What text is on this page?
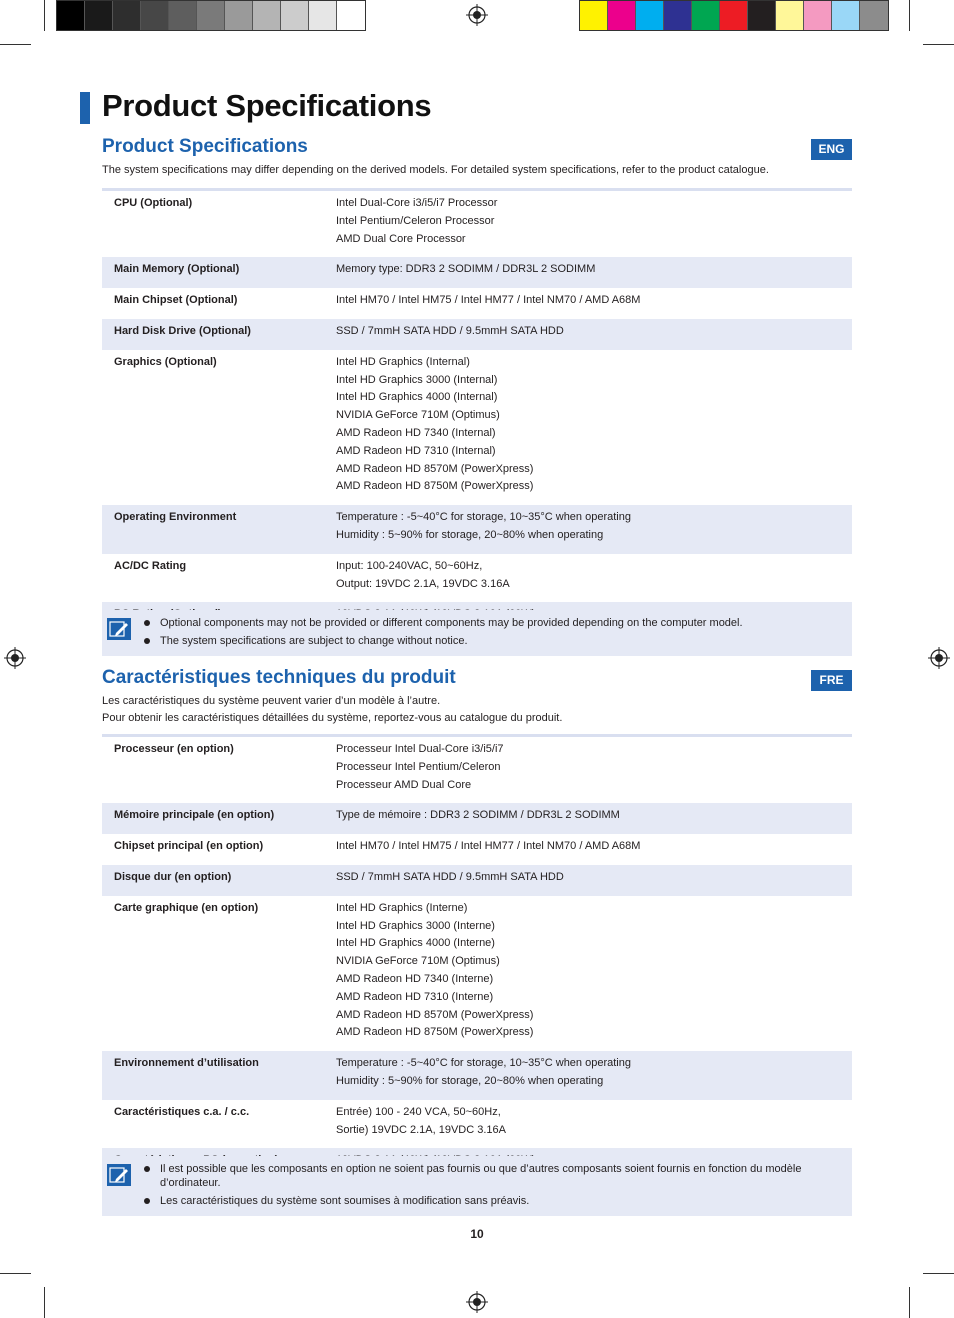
Product Specifications
Product Specifications	ENG
The system specifications may differ depending on the derived models. For detailed system specifications, refer to the product catalogue.
CPU (Optional)	Intel Dual-Core i3/i5/i7 Processor
Intel Pentium/Celeron Processor
AMD Dual Core Processor
Main Memory (Optional)	Memory type: DDR3 2 SODIMM / DDR3L 2 SODIMM
Main Chipset (Optional)	Intel HM70 / Intel HM75 / Intel HM77 / Intel NM70 / AMD A68M
Hard Disk Drive (Optional)	SSD / 7mmH SATA HDD / 9.5mmH SATA HDD
Graphics (Optional)	Intel HD Graphics (Internal)
Intel HD Graphics 3000 (Internal)
Intel HD Graphics 4000 (Internal)
NVIDIA GeForce 710M (Optimus)
AMD Radeon HD 7340 (Internal)
AMD Radeon HD 7310 (Internal)
AMD Radeon HD 8570M (PowerXpress)
AMD Radeon HD 8750M (PowerXpress)
Operating Environment	Temperature : -5~40°C for storage, 10~35°C when operating
Humidity : 5~90% for storage, 20~80% when operating
AC/DC Rating	Input: 100-240VAC, 50~60Hz,
Output: 19VDC 2.1A, 19VDC 3.16A
Optional components may not be provided or different components may be provided depending on the computer model.
The system specifications are subject to change without notice.
Caractéristiques techniques du produit	FRE
Les caractéristiques du système peuvent varier d’un modèle à l’autre.
Pour obtenir les caractéristiques détaillées du système, reportez-vous au catalogue du produit.
Processeur (en option)	Processeur Intel Dual-Core i3/i5/i7
Processeur Intel Pentium/Celeron
Processeur AMD Dual Core
Mémoire principale (en option)	Type de mémoire : DDR3 2 SODIMM / DDR3L 2 SODIMM
Chipset principal (en option)	Intel HM70 / Intel HM75 / Intel HM77 / Intel NM70 / AMD A68M
Disque dur (en option)	SSD / 7mmH SATA HDD / 9.5mmH SATA HDD
Carte graphique (en option)	Intel HD Graphics (Interne)
Intel HD Graphics 3000 (Interne)
Intel HD Graphics 4000 (Interne)
NVIDIA GeForce 710M (Optimus)
AMD Radeon HD 7340 (Interne)
AMD Radeon HD 7310 (Interne)
AMD Radeon HD 8570M (PowerXpress)
AMD Radeon HD 8750M (PowerXpress)
Environnement d’utilisation	Temperature : -5~40°C for storage, 10~35°C when operating
Humidity : 5~90% for storage, 20~80% when operating
Caractéristiques c.a. / c.c.	Entrée) 100 - 240 VCA, 50~60Hz,
Sortie) 19VDC 2.1A, 19VDC 3.16A
Il est possible que les composants en option ne soient pas fournis ou que d’autres composants soient fournis en fonction du modèle d’ordinateur.
Les caractéristiques du système sont soumises à modification sans préavis.
10
